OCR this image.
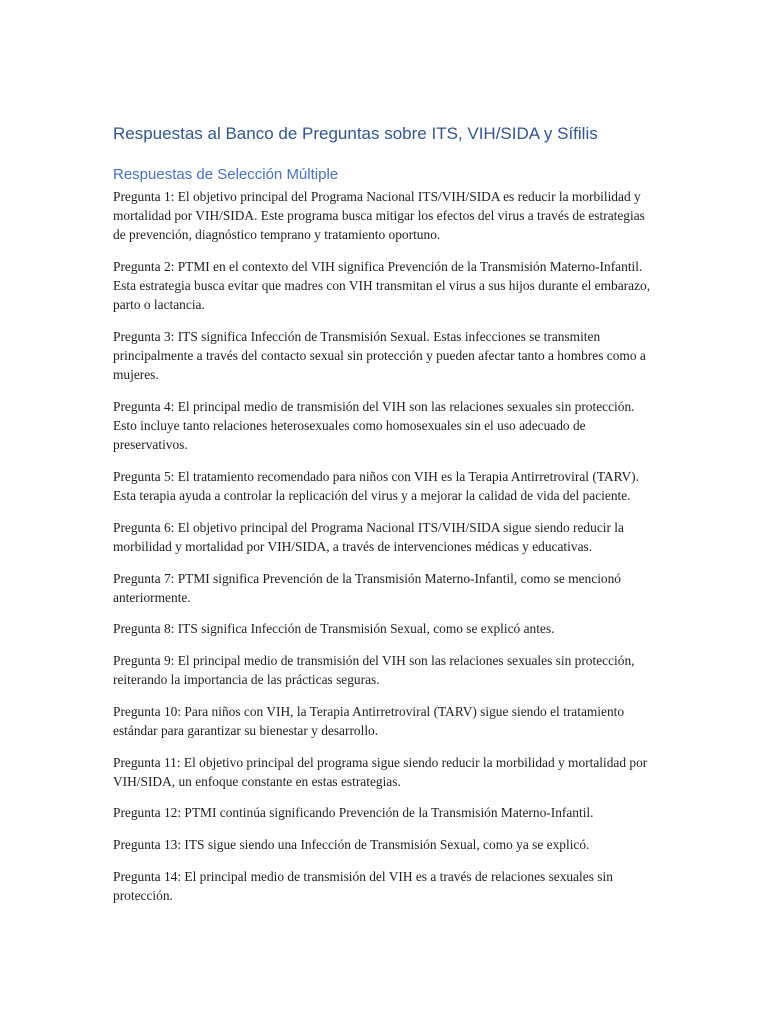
Respuestas al Banco de Preguntas sobre ITS, VIH/SIDA y Sífilis
Respuestas de Selección Múltiple

Pregunta 1: El objetivo principal del Programa Nacional ITS/VIH/SIDA es reducir la morbilidad y mortalidad por VIH/SIDA. Este programa busca mitigar los efectos del virus a través de estrategias de prevención, diagnóstico temprano y tratamiento oportuno.

Pregunta 2: PTMI en el contexto del VIH significa Prevención de la Transmisión Materno-Infantil. Esta estrategia busca evitar que madres con VIH transmitan el virus a sus hijos durante el embarazo, parto o lactancia.

Pregunta 3: ITS significa Infección de Transmisión Sexual. Estas infecciones se transmiten principalmente a través del contacto sexual sin protección y pueden afectar tanto a hombres como a mujeres.

Pregunta 4: El principal medio de transmisión del VIH son las relaciones sexuales sin protección. Esto incluye tanto relaciones heterosexuales como homosexuales sin el uso adecuado de preservativos.

Pregunta 5: El tratamiento recomendado para niños con VIH es la Terapia Antirretroviral (TARV). Esta terapia ayuda a controlar la replicación del virus y a mejorar la calidad de vida del paciente.

Pregunta 6: El objetivo principal del Programa Nacional ITS/VIH/SIDA sigue siendo reducir la morbilidad y mortalidad por VIH/SIDA, a través de intervenciones médicas y educativas.

Pregunta 7: PTMI significa Prevención de la Transmisión Materno-Infantil, como se mencionó anteriormente.

Pregunta 8: ITS significa Infección de Transmisión Sexual, como se explicó antes.

Pregunta 9: El principal medio de transmisión del VIH son las relaciones sexuales sin protección, reiterando la importancia de las prácticas seguras.

Pregunta 10: Para niños con VIH, la Terapia Antirretroviral (TARV) sigue siendo el tratamiento estándar para garantizar su bienestar y desarrollo.

Pregunta 11: El objetivo principal del programa sigue siendo reducir la morbilidad y mortalidad por VIH/SIDA, un enfoque constante en estas estrategias.

Pregunta 12: PTMI continúa significando Prevención de la Transmisión Materno-Infantil.

Pregunta 13: ITS sigue siendo una Infección de Transmisión Sexual, como ya se explicó.

Pregunta 14: El principal medio de transmisión del VIH es a través de relaciones sexuales sin protección.
